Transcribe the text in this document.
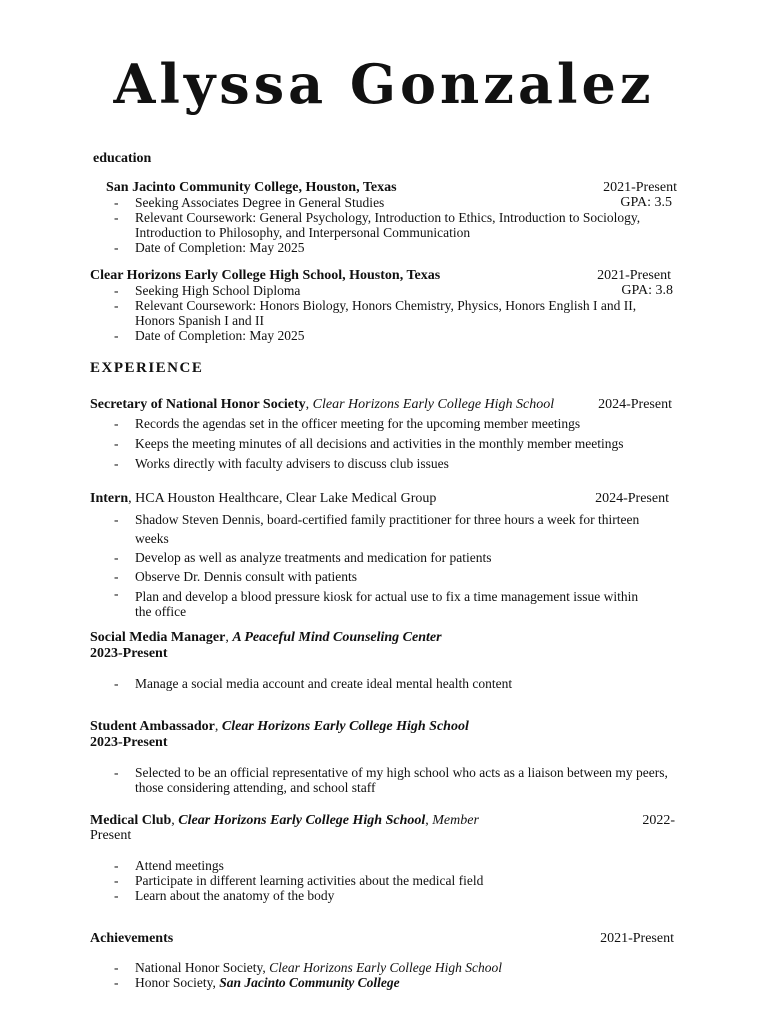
Alyssa Gonzalez
education
San Jacinto Community College, Houston, Texas	2021-Present
GPA: 3.5
- Seeking Associates Degree in General Studies
- Relevant Coursework: General Psychology, Introduction to Ethics, Introduction to Sociology, Introduction to Philosophy, and Interpersonal Communication
- Date of Completion: May 2025
Clear Horizons Early College High School, Houston, Texas	2021-Present
GPA: 3.8
- Seeking High School Diploma
- Relevant Coursework: Honors Biology, Honors Chemistry, Physics, Honors English I and II, Honors Spanish I and II
- Date of Completion: May 2025
EXPERIENCE
Secretary of National Honor Society, Clear Horizons Early College High School	2024-Present
- Records the agendas set in the officer meeting for the upcoming member meetings
- Keeps the meeting minutes of all decisions and activities in the monthly member meetings
- Works directly with faculty advisers to discuss club issues
Intern, HCA Houston Healthcare, Clear Lake Medical Group	2024-Present
- Shadow Steven Dennis, board-certified family practitioner for three hours a week for thirteen weeks
- Develop as well as analyze treatments and medication for patients
- Observe Dr. Dennis consult with patients
- Plan and develop a blood pressure kiosk for actual use to fix a time management issue within the office
Social Media Manager, A Peaceful Mind Counseling Center
2023-Present
- Manage a social media account and create ideal mental health content
Student Ambassador, Clear Horizons Early College High School
2023-Present
- Selected to be an official representative of my high school who acts as a liaison between my peers, those considering attending, and school staff
Medical Club, Clear Horizons Early College High School, Member	2022-
Present
- Attend meetings
- Participate in different learning activities about the medical field
- Learn about the anatomy of the body
Achievements	2021-Present
- National Honor Society, Clear Horizons Early College High School
- Honor Society, San Jacinto Community College
